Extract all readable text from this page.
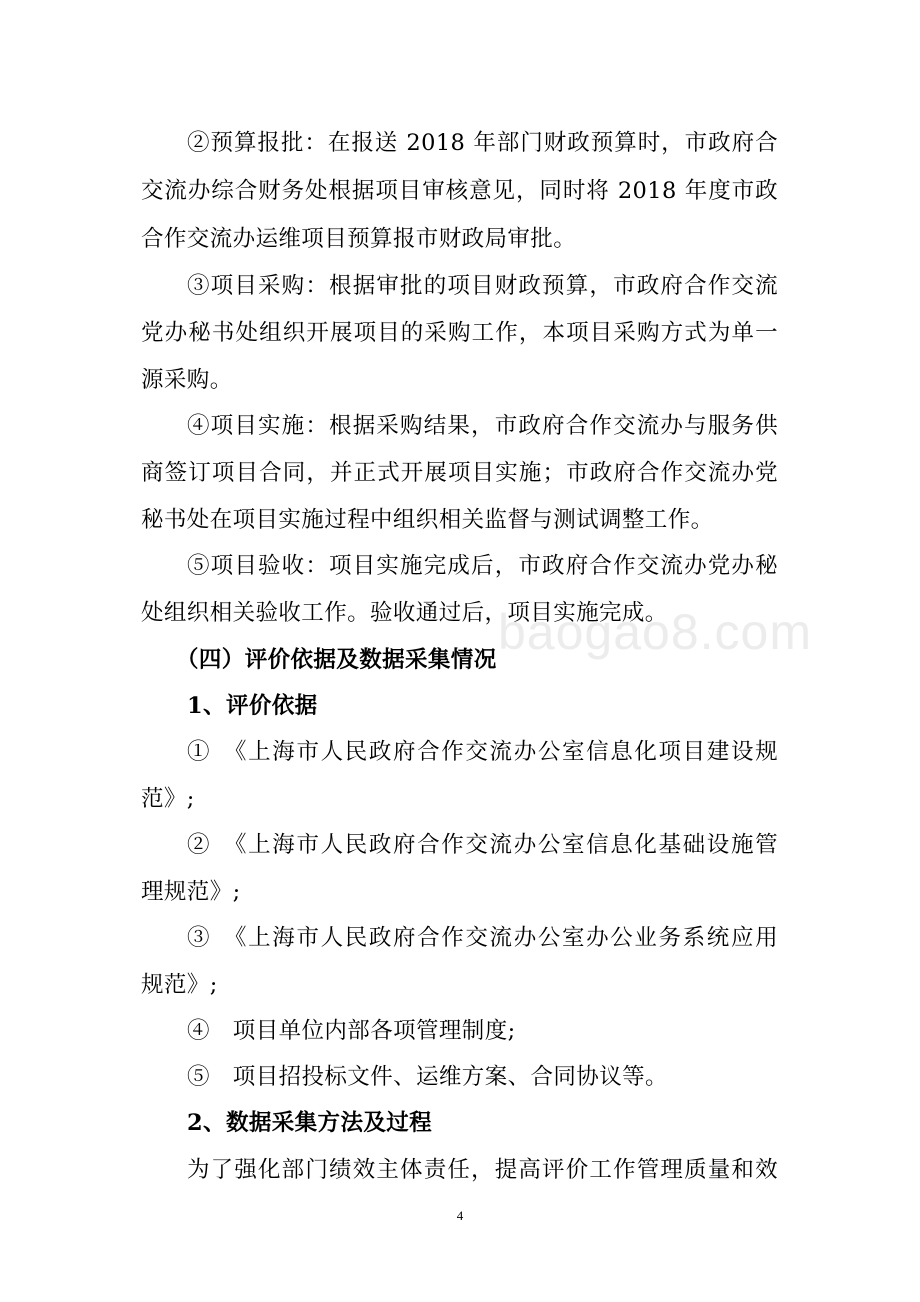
②预算报批：在报送 2018 年部门财政预算时，市政府合
交流办综合财务处根据项目审核意见，同时将 2018 年度市政
合作交流办运维项目预算报市财政局审批。
③项目采购：根据审批的项目财政预算，市政府合作交流
党办秘书处组织开展项目的采购工作，本项目采购方式为单一
源采购。
④项目实施：根据采购结果，市政府合作交流办与服务供
商签订项目合同，并正式开展项目实施；市政府合作交流办党
秘书处在项目实施过程中组织相关监督与测试调整工作。
⑤项目验收：项目实施完成后，市政府合作交流办党办秘
处组织相关验收工作。验收通过后，项目实施完成。
baogao8.com
（四）评价依据及数据采集情况
1、评价依据
①　《上海市人民政府合作交流办公室信息化项目建设规
范》;
②　《上海市人民政府合作交流办公室信息化基础设施管
理规范》;
③　《上海市人民政府合作交流办公室办公业务系统应用
规范》;
④　项目单位内部各项管理制度;
⑤　项目招投标文件、运维方案、合同协议等。
2、数据采集方法及过程
为了强化部门绩效主体责任，提高评价工作管理质量和效
4
